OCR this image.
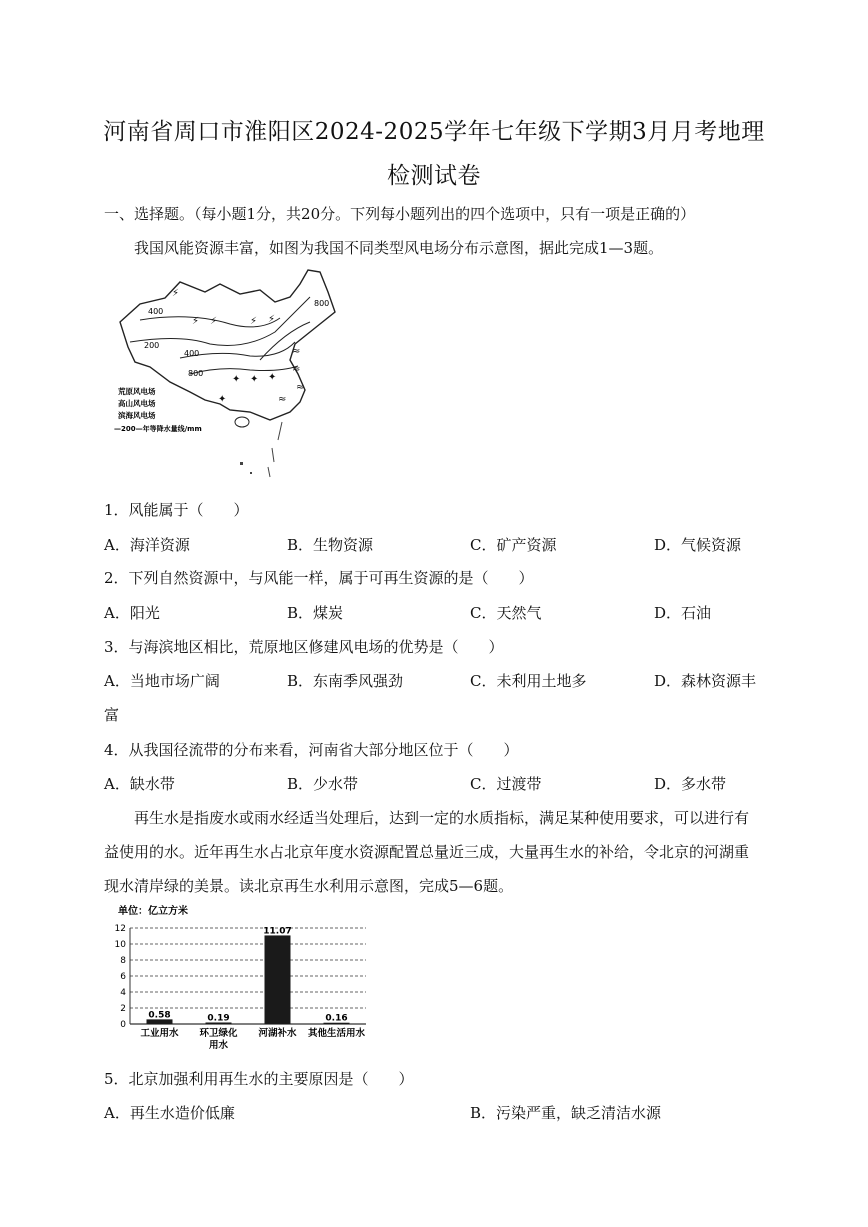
河南省周口市淮阳区2024-2025学年七年级下学期3月月考地理
检测试卷
一、选择题。（每小题1分，共20分。下列每小题列出的四个选项中，只有一项是正确的）
我国风能资源丰富，如图为我国不同类型风电场分布示意图，据此完成1—3题。
400
200
400
800
800
⚡
⚡ ⚡	⚡ ⚡
✦ ✦
✦
✦
≈
≈
≈
≈
荒原风电场
高山风电场
滨海风电场
—200—年等降水量线/mm
1．风能属于（　　）
A．海洋资源	B．生物资源	C．矿产资源	D．气候资源
2．下列自然资源中，与风能一样，属于可再生资源的是（　　）
A．阳光	B．煤炭	C．天然气	D．石油
3．与海滨地区相比，荒原地区修建风电场的优势是（　　）
A．当地市场广阔	B．东南季风强劲	C．未利用土地多	D．森林资源丰
富
4．从我国径流带的分布来看，河南省大部分地区位于（　　）
A．缺水带	B．少水带	C．过渡带	D．多水带
再生水是指废水或雨水经适当处理后，达到一定的水质指标，满足某种使用要求，可以进行有
益使用的水。近年再生水占北京年度水资源配置总量近三成，大量再生水的补给，令北京的河湖重
现水清岸绿的美景。读北京再生水利用示意图，完成5—6题。
单位：亿立方米
0
2
4
6
8
10
12
0.58	0.19
11.07
0.16
工业用水 环卫绿化
用水
河湖补水 其他生活用水
5．北京加强利用再生水的主要原因是（　　）
A．再生水造价低廉	B．污染严重，缺乏清洁水源
